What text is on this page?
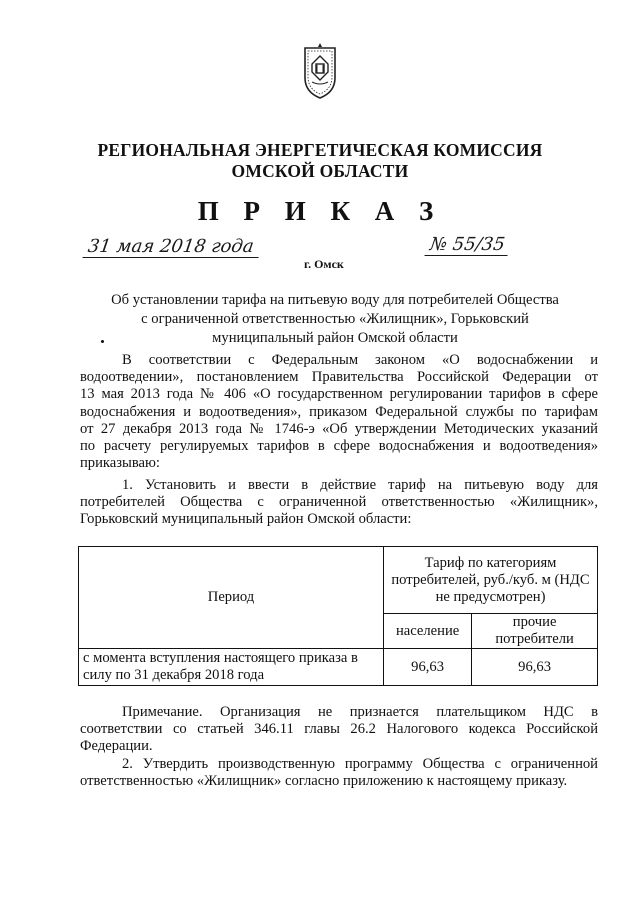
РЕГИОНАЛЬНАЯ ЭНЕРГЕТИЧЕСКАЯ КОМИССИЯ
ОМСКОЙ ОБЛАСТИ
П Р И К А З
31 мая 2018 года
г. Омск
№ 55/35
Об установлении тарифа на питьевую воду для потребителей Общества
с ограниченной ответственностью «Жилищник», Горьковский
муниципальный район Омской области
В соответствии с Федеральным законом «О водоснабжении и
водоотведении», постановлением Правительства Российской Федерации от
13 мая 2013 года № 406 «О государственном регулировании тарифов в сфере
водоснабжения и водоотведения», приказом Федеральной службы по тарифам
от 27 декабря 2013 года № 1746-э «Об утверждении Методических указаний
по расчету регулируемых тарифов в сфере водоснабжения и водоотведения»
приказываю:
1. Установить и ввести в действие тариф на питьевую воду для
потребителей Общества с ограниченной ответственностью «Жилищник»,
Горьковский муниципальный район Омской области:
Период	Тариф по категориям потребителей, руб./куб. м (НДС не предусмотрен)	
	население	прочие потребители
с момента вступления настоящего приказа в силу по 31 декабря 2018 года	96,63	96,63
Примечание. Организация не признается плательщиком НДС в
соответствии со статьей 346.11 главы 26.2 Налогового кодекса Российской
Федерации.
2. Утвердить производственную программу Общества с ограниченной
ответственностью «Жилищник» согласно приложению к настоящему приказу.
